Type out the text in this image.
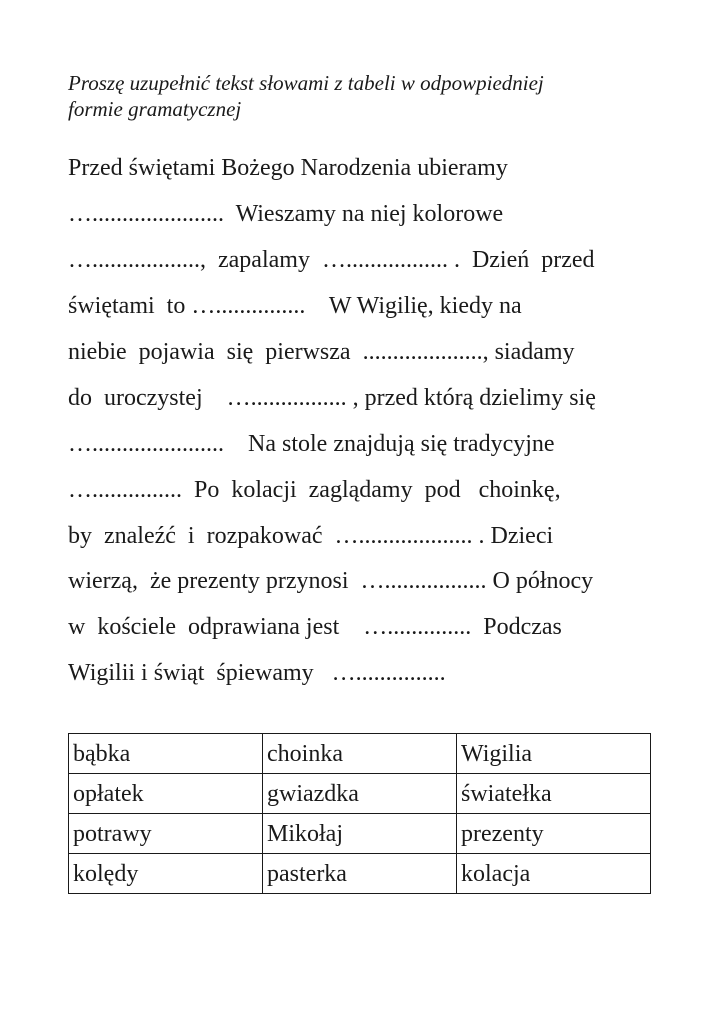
Proszę uzupełnić tekst słowami z tabeli w odpowpiedniej
formie gramatycznej

Przed świętami Bożego Narodzenia ubieramy

…......................  Wieszamy na niej kolorowe

…..................,  zapalamy  …................. .  Dzień  przed

świętami  to …...............    W Wigilię, kiedy na

niebie  pojawia  się  pierwsza  ...................., siadamy

do  uroczystej    …................ , przed którą dzielimy się

…......................    Na stole znajdują się tradycyjne

…...............  Po  kolacji  zaglądamy  pod   choinkę,

by  znaleźć  i  rozpakować  …................... . Dzieci

wierzą,  że prezenty przynosi  …................. O północy

w  kościele  odprawiana jest    …..............  Podczas

Wigilii i świąt  śpiewamy   …...............

bąbka	choinka	Wigilia
opłatek	gwiazdka	światełka
potrawy	Mikołaj	prezenty
kolędy	pasterka	kolacja
